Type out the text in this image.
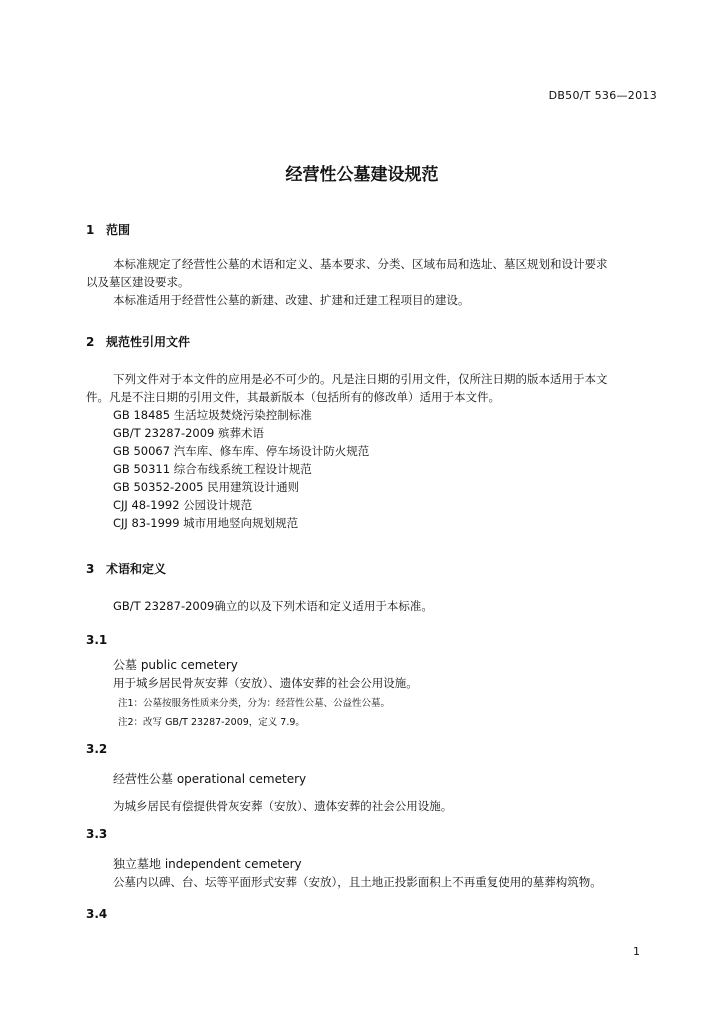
DB50/T 536—2013
经营性公墓建设规范
1 范围
本标准规定了经营性公墓的术语和定义、基本要求、分类、区域布局和选址、墓区规划和设计要求
以及墓区建设要求。
本标准适用于经营性公墓的新建、改建、扩建和迁建工程项目的建设。
2 规范性引用文件
下列文件对于本文件的应用是必不可少的。凡是注日期的引用文件，仅所注日期的版本适用于本文
件。凡是不注日期的引用文件，其最新版本（包括所有的修改单）适用于本文件。
GB 18485 生活垃圾焚烧污染控制标准
GB/T 23287-2009 殡葬术语
GB 50067 汽车库、修车库、停车场设计防火规范
GB 50311 综合布线系统工程设计规范
GB 50352-2005 民用建筑设计通则
CJJ 48-1992 公园设计规范
CJJ 83-1999 城市用地竖向规划规范
3 术语和定义
GB/T 23287-2009确立的以及下列术语和定义适用于本标准。
3.1
公墓 public cemetery
用于城乡居民骨灰安葬（安放）、遗体安葬的社会公用设施。
注1：公墓按服务性质来分类，分为：经营性公墓、公益性公墓。
注2：改写 GB/T 23287-2009，定义 7.9。
3.2
经营性公墓 operational cemetery
为城乡居民有偿提供骨灰安葬（安放）、遗体安葬的社会公用设施。
3.3
独立墓地 independent cemetery
公墓内以碑、台、坛等平面形式安葬（安放），且土地正投影面积上不再重复使用的墓葬构筑物。
3.4
1
